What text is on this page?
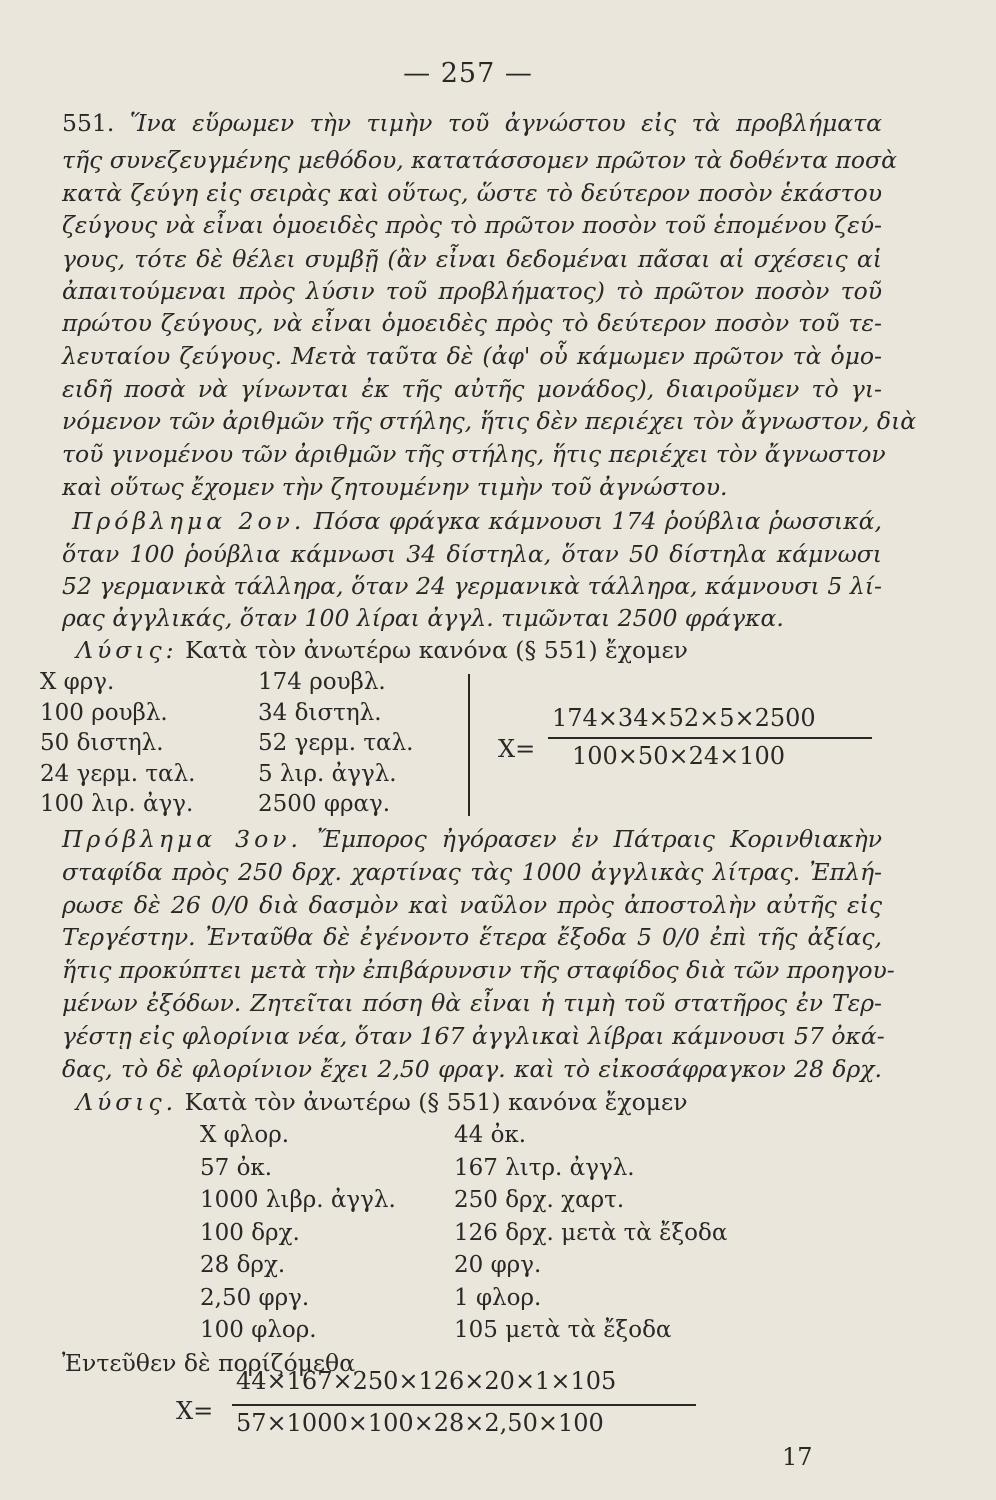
— 257 —
551. Ἵνα εὕρωμεν τὴν τιμὴν τοῦ ἀγνώστου εἰς τὰ προβλήματα
τῆς συνεζευγμένης μεθόδου, κατατάσσομεν πρῶτον τὰ δοθέντα ποσὰ
κατὰ ζεύγη εἰς σειρὰς καὶ οὕτως, ὥστε τὸ δεύτερον ποσὸν ἑκάστου
ζεύγους νὰ εἶναι ὁμοειδὲς πρὸς τὸ πρῶτον ποσὸν τοῦ ἑπομένου ζεύ-
γους, τότε δὲ θέλει συμβῇ (ἂν εἶναι δεδομέναι πᾶσαι αἱ σχέσεις αἱ
ἀπαιτούμεναι πρὸς λύσιν τοῦ προβλήματος) τὸ πρῶτον ποσὸν τοῦ
πρώτου ζεύγους, νὰ εἶναι ὁμοειδὲς πρὸς τὸ δεύτερον ποσὸν τοῦ τε-
λευταίου ζεύγους. Μετὰ ταῦτα δὲ (ἀφ' οὗ κάμωμεν πρῶτον τὰ ὁμο-
ειδῆ ποσὰ νὰ γίνωνται ἐκ τῆς αὐτῆς μονάδος), διαιροῦμεν τὸ γι-
νόμενον τῶν ἀριθμῶν τῆς στήλης, ἥτις δὲν περιέχει τὸν ἄγνωστον, διὰ
τοῦ γινομένου τῶν ἀριθμῶν τῆς στήλης, ἥτις περιέχει τὸν ἄγνωστον
καὶ οὕτως ἔχομεν τὴν ζητουμένην τιμὴν τοῦ ἀγνώστου.
Πρόβλημα 2ον. Πόσα φράγκα κάμνουσι 174 ῥούβλια ῥωσσικά,
ὅταν 100 ῥούβλια κάμνωσι 34 δίστηλα, ὅταν 50 δίστηλα κάμνωσι
52 γερμανικὰ τάλληρα, ὅταν 24 γερμανικὰ τάλληρα, κάμνουσι 5 λί-
ρας ἀγγλικάς, ὅταν 100 λίραι ἀγγλ. τιμῶνται 2500 φράγκα.
Λύσις: Κατὰ τὸν ἀνωτέρω κανόνα (§ 551) ἔχομεν
Χ φργ.
100 ρουβλ.
50 διστηλ.
24 γερμ. ταλ.
100 λιρ. ἀγγ.
174 ρουβλ.
34 διστηλ.
52 γερμ. ταλ.
5 λιρ. ἀγγλ.
2500 φραγ.
Χ=
174×34×52×5×2500
100×50×24×100
Πρόβλημα 3ον. Ἔμπορος ἠγόρασεν ἐν Πάτραις Κορινθιακὴν
σταφίδα πρὸς 250 δρχ. χαρτίνας τὰς 1000 ἀγγλικὰς λίτρας. Ἐπλή-
ρωσε δὲ 26 0/0 διὰ δασμὸν καὶ ναῦλον πρὸς ἀποστολὴν αὐτῆς εἰς
Τεργέστην. Ἐνταῦθα δὲ ἐγένοντο ἕτερα ἔξοδα 5 0/0 ἐπὶ τῆς ἀξίας,
ἥτις προκύπτει μετὰ τὴν ἐπιβάρυνσιν τῆς σταφίδος διὰ τῶν προηγου-
μένων ἐξόδων. Ζητεῖται πόση θὰ εἶναι ἡ τιμὴ τοῦ στατῆρος ἐν Τερ-
γέστῃ εἰς φλορίνια νέα, ὅταν 167 ἀγγλικαὶ λίβραι κάμνουσι 57 ὀκά-
δας, τὸ δὲ φλορίνιον ἔχει 2,50 φραγ. καὶ τὸ εἰκοσάφραγκον 28 δρχ.
Λύσις. Κατὰ τὸν ἀνωτέρω (§ 551) κανόνα ἔχομεν
Χ φλορ.
57 ὀκ.
1000 λιβρ. ἀγγλ.
100 δρχ.
28 δρχ.
2,50 φργ.
100 φλορ.
44 ὀκ.
167 λιτρ. ἀγγλ.
250 δρχ. χαρτ.
126 δρχ. μετὰ τὰ ἔξοδα
20 φργ.
1 φλορ.
105 μετὰ τὰ ἔξοδα
Ἐντεῦθεν δὲ πορίζόμεθα
Χ=
44×167×250×126×20×1×105
57×1000×100×28×2,50×100
17
